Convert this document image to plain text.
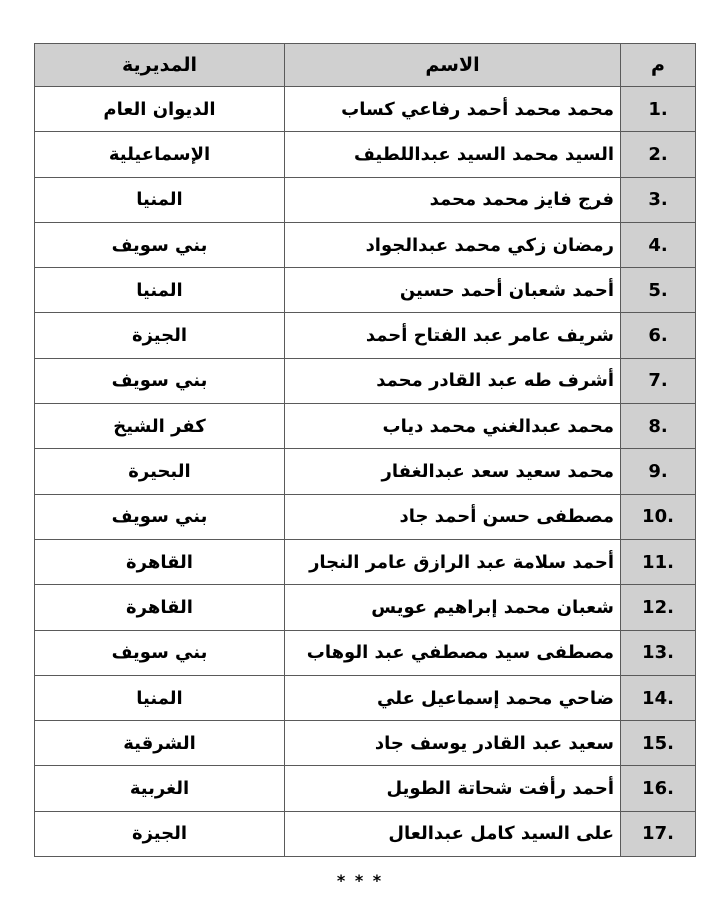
م	الاسم	المديرية
.1	محمد محمد أحمد رفاعي كساب	الديوان العام
.2	السيد محمد السيد عبداللطيف	الإسماعيلية
.3	فرج فايز محمد محمد	المنيا
.4	رمضان زكي محمد عبدالجواد	بني سويف
.5	أحمد شعبان أحمد حسين	المنيا
.6	شريف عامر عبد الفتاح أحمد	الجيزة
.7	أشرف طه عبد القادر محمد	بني سويف
.8	محمد عبدالغني محمد دياب	كفر الشيخ
.9	محمد سعيد سعد عبدالغفار	البحيرة
.10	مصطفى حسن أحمد جاد	بني سويف
.11	أحمد سلامة عبد الرازق عامر النجار	القاهرة
.12	شعبان محمد إبراهيم عويس	القاهرة
.13	مصطفى سيد مصطفي عبد الوهاب	بني سويف
.14	ضاحي محمد إسماعيل علي	المنيا
.15	سعيد عبد القادر يوسف جاد	الشرقية
.16	أحمد رأفت شحاتة الطويل	الغربية
.17	على السيد كامل عبدالعال	الجيزة
* * *
